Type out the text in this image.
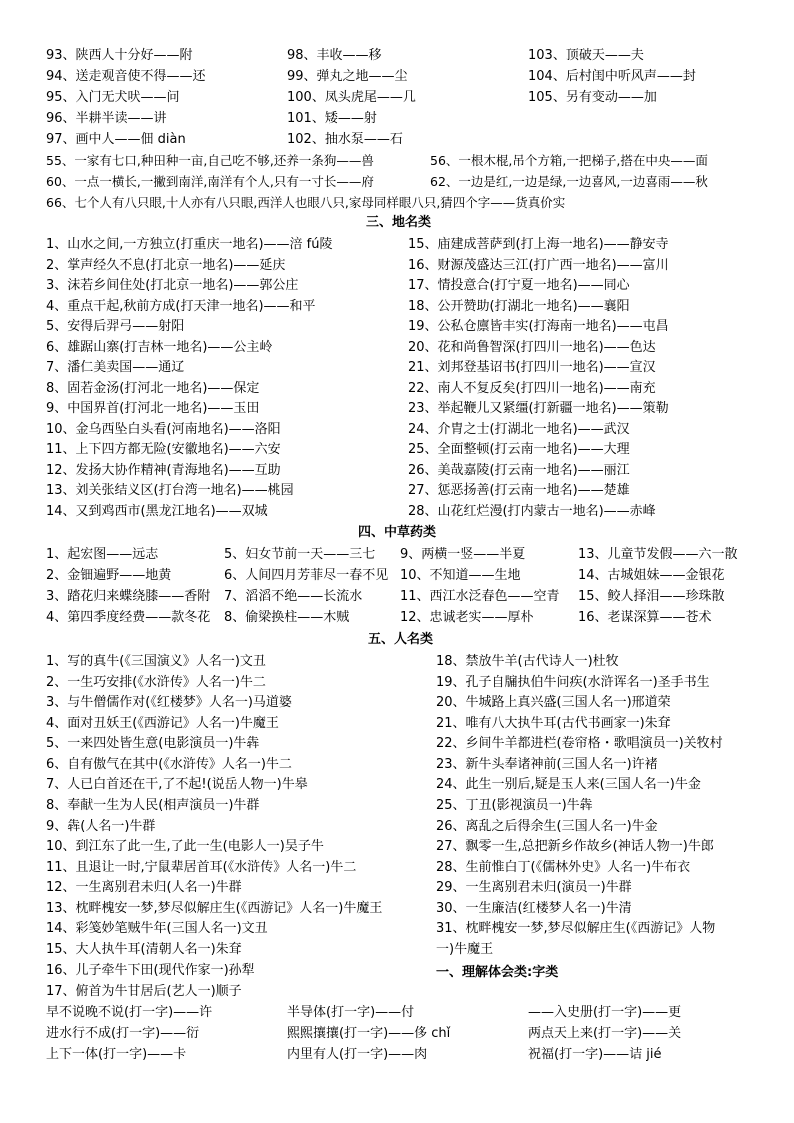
93、陕西人十分好——附
94、送走观音使不得——还
95、入门无犬吠——问
96、半耕半读——讲
97、画中人——佃 diàn
98、丰收——移
99、弹丸之地——尘
100、凤头虎尾——几
101、矮——射
102、抽水泵——石
103、顶破天——夫
104、后村闺中听风声——封
105、另有变动——加
55、一家有七口,种田种一亩,自己吃不够,还养一条狗——兽	56、一根木棍,吊个方箱,一把梯子,搭在中央——面
60、一点一横长,一撇到南洋,南洋有个人,只有一寸长——府	62、一边是红,一边是绿,一边喜风,一边喜雨——秋
66、七个人有八只眼,十人亦有八只眼,西洋人也眼八只,家母同样眼八只,猜四个字——货真价实
三、地名类
1、山水之间,一方独立(打重庆一地名)——涪 fú陵
2、掌声经久不息(打北京一地名)——延庆
3、沫若乡间住处(打北京一地名)——郭公庄
4、重点干起,秋前方成(打天津一地名)——和平
5、安得后羿弓——射阳
6、雄踞山寨(打吉林一地名)——公主岭
7、潘仁美卖国——通辽
8、固若金汤(打河北一地名)——保定
9、中国界首(打河北一地名)——玉田
10、金乌西坠白头看(河南地名)——洛阳
11、上下四方都无险(安徽地名)——六安
12、发扬大协作精神(青海地名)——互助
13、刘关张结义区(打台湾一地名)——桃园
14、又到鸡西市(黑龙江地名)——双城
15、庙建成菩萨到(打上海一地名)——静安寺
16、财源茂盛达三江(打广西一地名)——富川
17、情投意合(打宁夏一地名)——同心
18、公开赞助(打湖北一地名)——襄阳
19、公私仓廪皆丰实(打海南一地名)——屯昌
20、花和尚鲁智深(打四川一地名)——色达
21、刘邦登基诏书(打四川一地名)——宣汉
22、南人不复反矣(打四川一地名)——南充
23、举起鞭儿又紧缰(打新疆一地名)——策勒
24、介胄之士(打湖北一地名)——武汉
25、全面整顿(打云南一地名)——大理
26、美哉嘉陵(打云南一地名)——丽江
27、惩恶扬善(打云南一地名)——楚雄
28、山花红烂漫(打内蒙古一地名)——赤峰
四、中草药类
1、起宏图——远志
2、金钿遍野——地黄
3、踏花归来蝶绕膝——香附
4、第四季度经费——款冬花
5、妇女节前一天——三七
6、人间四月芳菲尽一春不见
7、滔滔不绝——长流水
8、偷梁换柱——木贼
9、两横一竖——半夏
10、不知道——生地
11、西江水泛春色——空青
12、忠诚老实——厚朴
13、儿童节发假——六一散
14、古城姐妹——金银花
15、鲛人择泪——珍珠散
16、老谋深算——苍术
五、人名类
1、写的真牛(《三国演义》人名一)文丑
2、一生巧安排(《水浒传》人名一)牛二
3、与牛僧儒作对(《红楼梦》人名一)马道婆
4、面对丑妖王(《西游记》人名一)牛魔王
5、一来四处皆生意(电影演员一)牛犇
6、自有傲气在其中(《水浒传》人名一)牛二
7、人已白首还在干,了不起!(说岳人物一)牛皋
8、奉献一生为人民(相声演员一)牛群
9、犇(人名一)牛群
10、到江东了此一生,了此一生(电影人一)吴子牛
11、且退让一时,宁鼠辈居首耳(《水浒传》人名一)牛二
12、一生离别君未归(人名一)牛群
13、枕畔槐安一梦,梦尽似解庄生(《西游记》人名一)牛魔王
14、彩笺妙笔贼牛年(三国人名一)文丑
15、大人执牛耳(清朝人名一)朱耷
16、儿子牵牛下田(现代作家一)孙犁
17、俯首为牛甘居后(艺人一)顺子
18、禁放牛羊(古代诗人一)杜牧
19、孔子自牖执伯牛问疾(水浒诨名一)圣手书生
20、牛城路上真兴盛(三国人名一)邢道荣
21、唯有八大执牛耳(古代书画家一)朱耷
22、乡间牛羊都进栏(卷帘格・歌唱演员一)关牧村
23、新牛头奉诸神前(三国人名一)许褚
24、此生一别后,疑是玉人来(三国人名一)牛金
25、丁丑(影视演员一)牛犇
26、离乱之后得余生(三国人名一)牛金
27、飘零一生,总把新乡作故乡(神话人物一)牛郎
28、生前惟白丁(《儒林外史》人名一)牛布衣
29、一生离别君未归(演员一)牛群
30、一生廉洁(红楼梦人名一)牛清
31、枕畔槐安一梦,梦尽似解庄生(《西游记》人物
一)牛魔王
一、理解体会类:字类
早不说晚不说(打一字)——许
进水行不成(打一字)——衍
上下一体(打一字)——卡
半导体(打一字)——付
熙熙攘攘(打一字)——侈 chǐ
内里有人(打一字)——肉
——入史册(打一字)——更
两点天上来(打一字)——关
祝福(打一字)——诘 jié
